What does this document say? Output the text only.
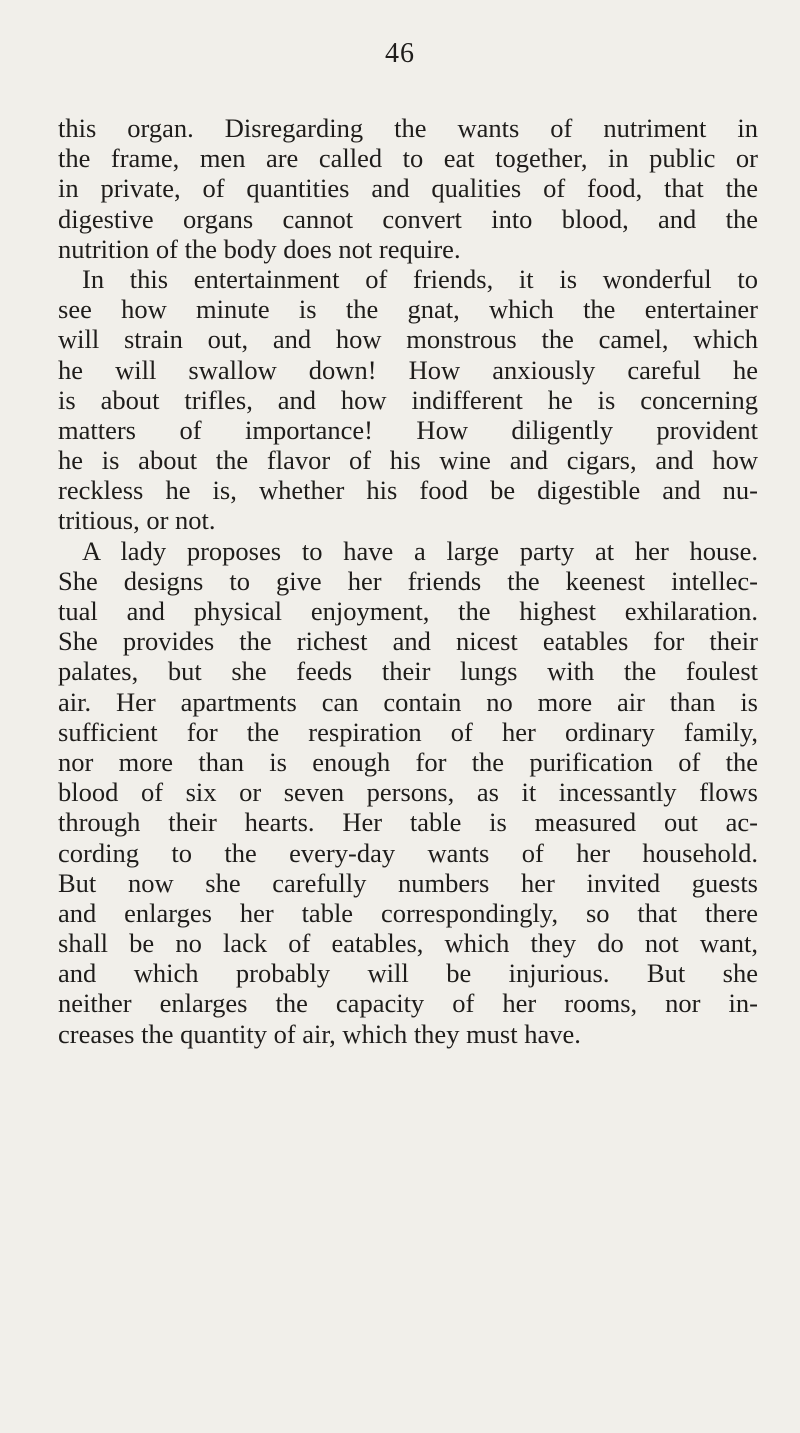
46
this organ. Disregarding the wants of nutriment in
the frame, men are called to eat together, in public or
in private, of quantities and qualities of food, that the
digestive organs cannot convert into blood, and the
nutrition of the body does not require.
In this entertainment of friends, it is wonderful to
see how minute is the gnat, which the entertainer
will strain out, and how monstrous the camel, which
he will swallow down! How anxiously careful he
is about trifles, and how indifferent he is concerning
matters of importance! How diligently provident
he is about the flavor of his wine and cigars, and how
reckless he is, whether his food be digestible and nu-
tritious, or not.
A lady proposes to have a large party at her house.
She designs to give her friends the keenest intellec-
tual and physical enjoyment, the highest exhilaration.
She provides the richest and nicest eatables for their
palates, but she feeds their lungs with the foulest
air. Her apartments can contain no more air than is
sufficient for the respiration of her ordinary family,
nor more than is enough for the purification of the
blood of six or seven persons, as it incessantly flows
through their hearts. Her table is measured out ac-
cording to the every-day wants of her household.
But now she carefully numbers her invited guests
and enlarges her table correspondingly, so that there
shall be no lack of eatables, which they do not want,
and which probably will be injurious. But she
neither enlarges the capacity of her rooms, nor in-
creases the quantity of air, which they must have.
